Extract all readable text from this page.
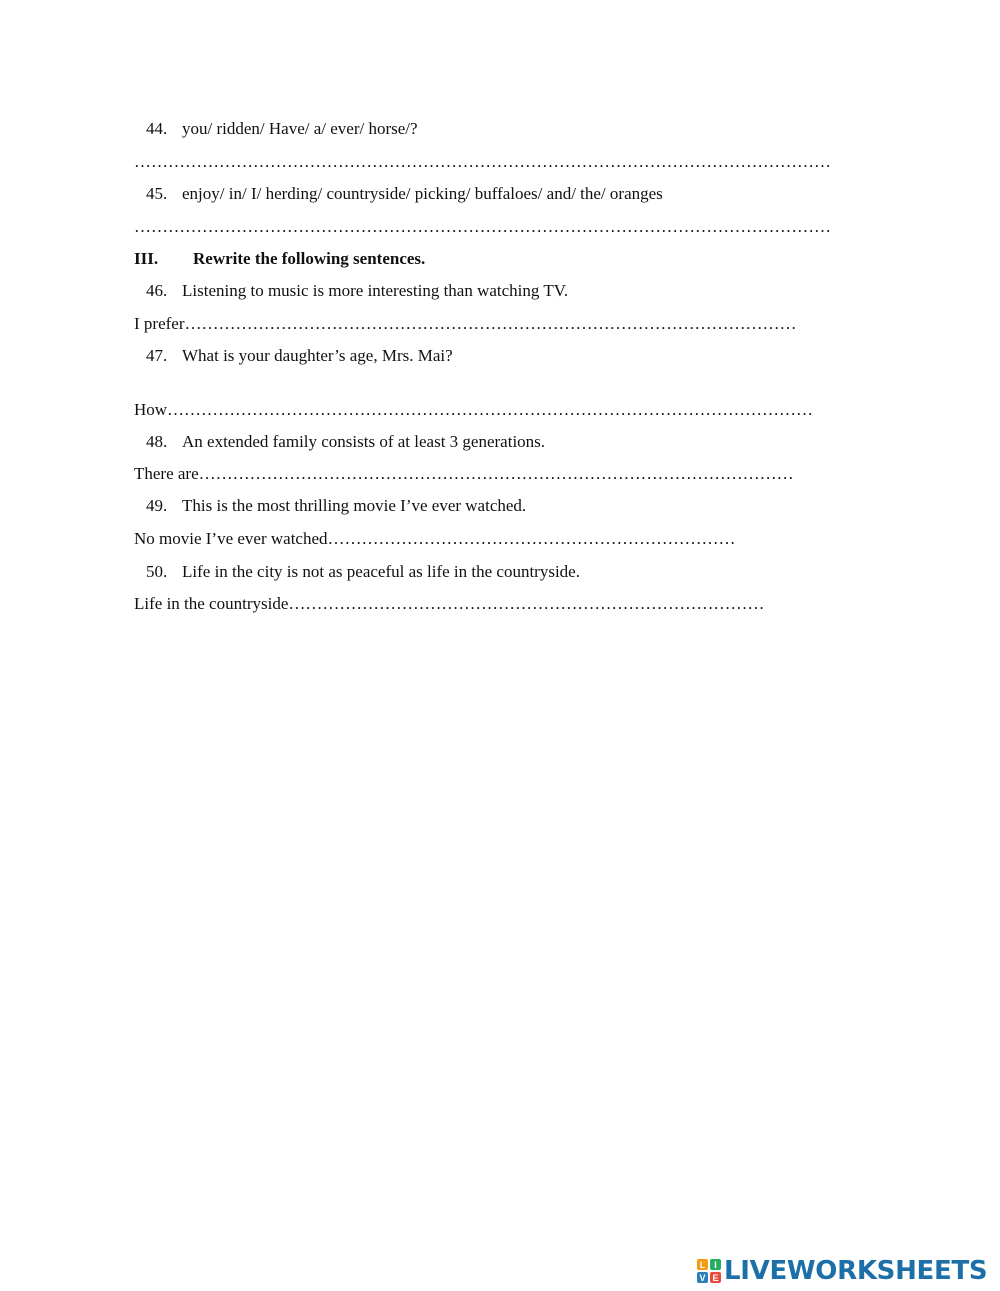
44. you/ ridden/ Have/ a/ ever/ horse/?
……………………………………………………………………………………………………………
45. enjoy/ in/ I/ herding/ countryside/ picking/ buffaloes/ and/ the/ oranges
……………………………………………………………………………………………………………
III. Rewrite the following sentences.
46. Listening to music is more interesting than watching TV.
I prefer………………………………………………………………………………………………
47. What is your daughter’s age, Mrs. Mai?
How……………………………………………………………………………………………………
48. An extended family consists of at least 3 generations.
There are……………………………………………………………………………………………
49. This is the most thrilling movie I’ve ever watched.
No movie I’ve ever watched………………………………………………………………
50. Life in the city is not as peaceful as life in the countryside.
Life in the countryside…………………………………………………………………………
L I
V E LIVEWORKSHEETS
